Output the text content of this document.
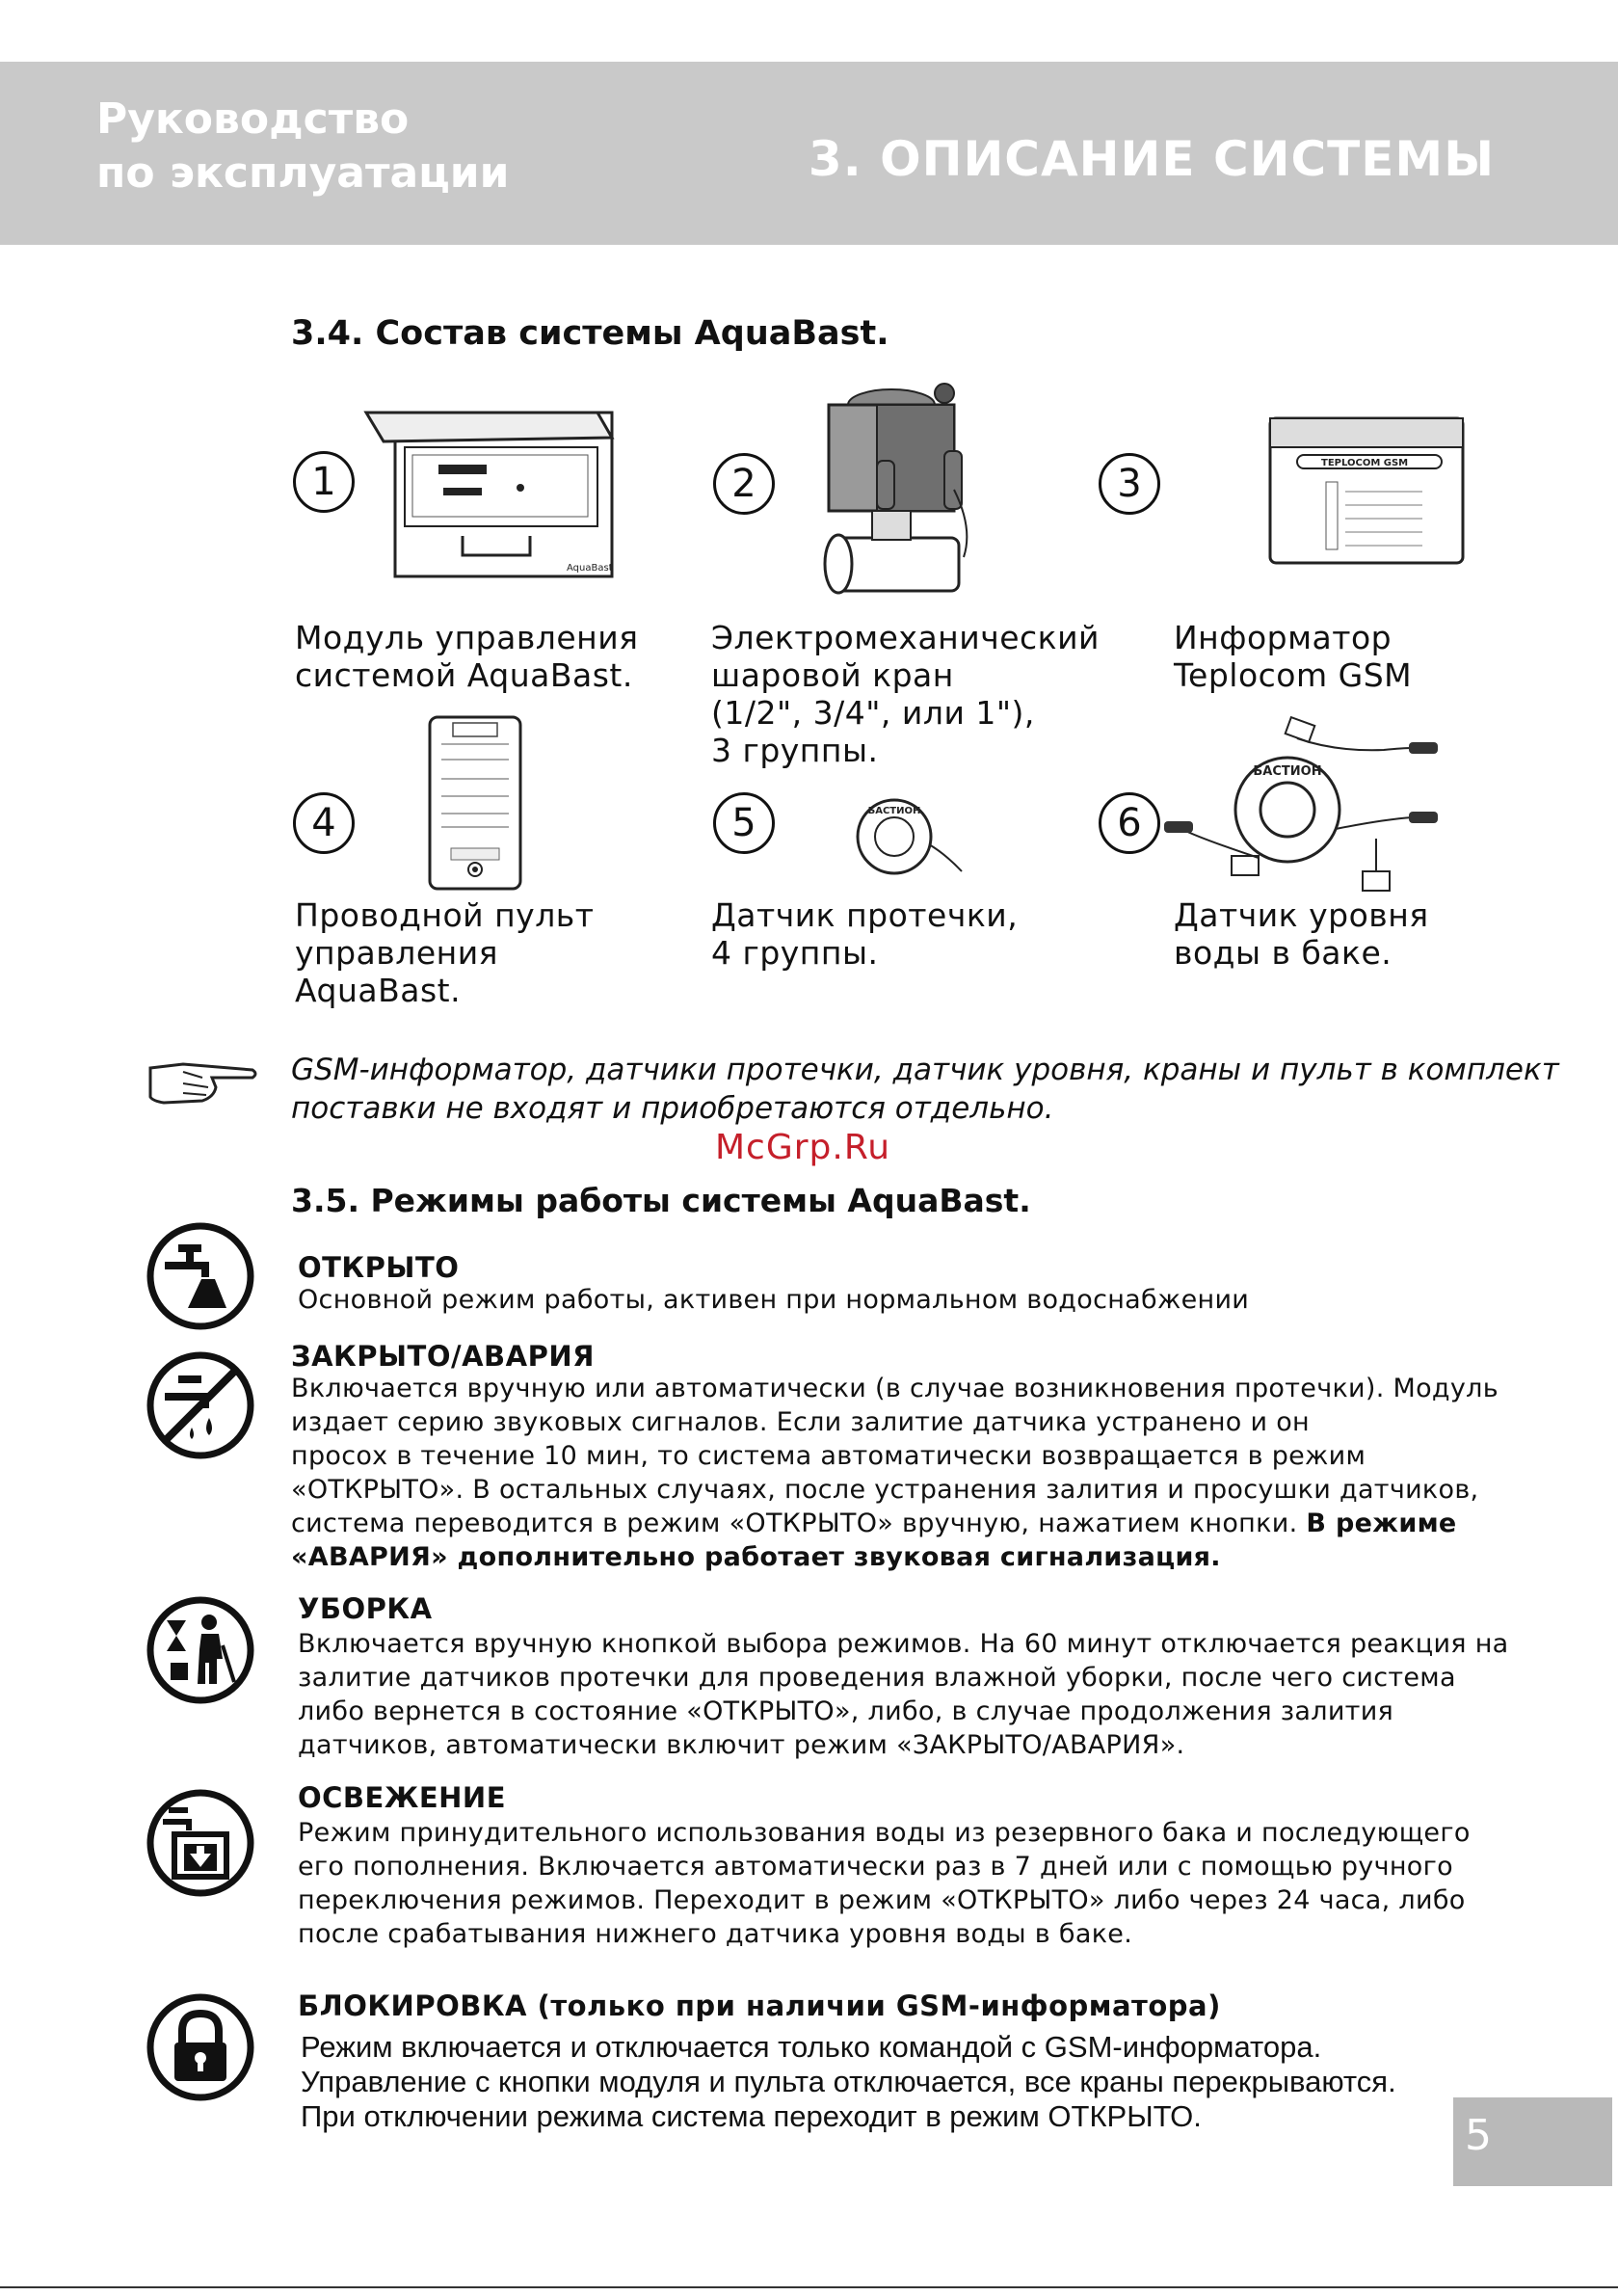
Руководство
по эксплуатации	3. ОПИСАНИЕ СИСТЕМЫ
3.4. Состав системы AquaBast.
1
AquaBast
Модуль управления
системой AquaBast.
2
Электромеханический
шаровой кран
(1/2", 3/4", или 1"),
3 группы.
3	TEPLOCOM GSM
Информатор
Teplocom GSM
4
Проводной пульт
управления
AquaBast.
5	БАСТИОН
Датчик протечки,
4 группы.
6
БАСТИОН
Датчик уровня
воды в баке.
GSM-информатор, датчики протечки, датчик уровня, краны и пульт в комплект
поставки не входят и приобретаются отдельно.
McGrp.Ru
3.5. Режимы работы системы AquaBast.
ОТКРЫТО
Основной режим работы, активен при нормальном водоснабжении
ЗАКРЫТО/АВАРИЯ
Включается вручную или автоматически (в случае возникновения протечки). Модуль
издает серию звуковых сигналов. Если залитие датчика устранено и он
просох в течение 10 мин, то система автоматически возвращается в режим
«ОТКРЫТО». В остальных случаях, после устранения залития и просушки датчиков,
система переводится в режим «ОТКРЫТО» вручную, нажатием кнопки. В режиме
«АВАРИЯ» дополнительно работает звуковая сигнализация.
УБОРКА
Включается вручную кнопкой выбора режимов. На 60 минут отключается реакция на
залитие датчиков протечки для проведения влажной уборки, после чего система
либо вернется в состояние «ОТКРЫТО», либо, в случае продолжения залития
датчиков, автоматически включит режим «ЗАКРЫТО/АВАРИЯ».
ОСВЕЖЕНИЕ
Режим принудительного использования воды из резервного бака и последующего
его пополнения. Включается автоматически раз в 7 дней или с помощью ручного
переключения режимов. Переходит в режим «ОТКРЫТО» либо через 24 часа, либо
после срабатывания нижнего датчика уровня воды в баке.
БЛОКИРОВКА (только при наличии GSM-информатора)
Режим включается и отключается только командой с GSM-информатора.
Управление с кнопки модуля и пульта отключается, все краны перекрываются.
При отключении режима система переходит в режим ОТКРЫТО.	5
